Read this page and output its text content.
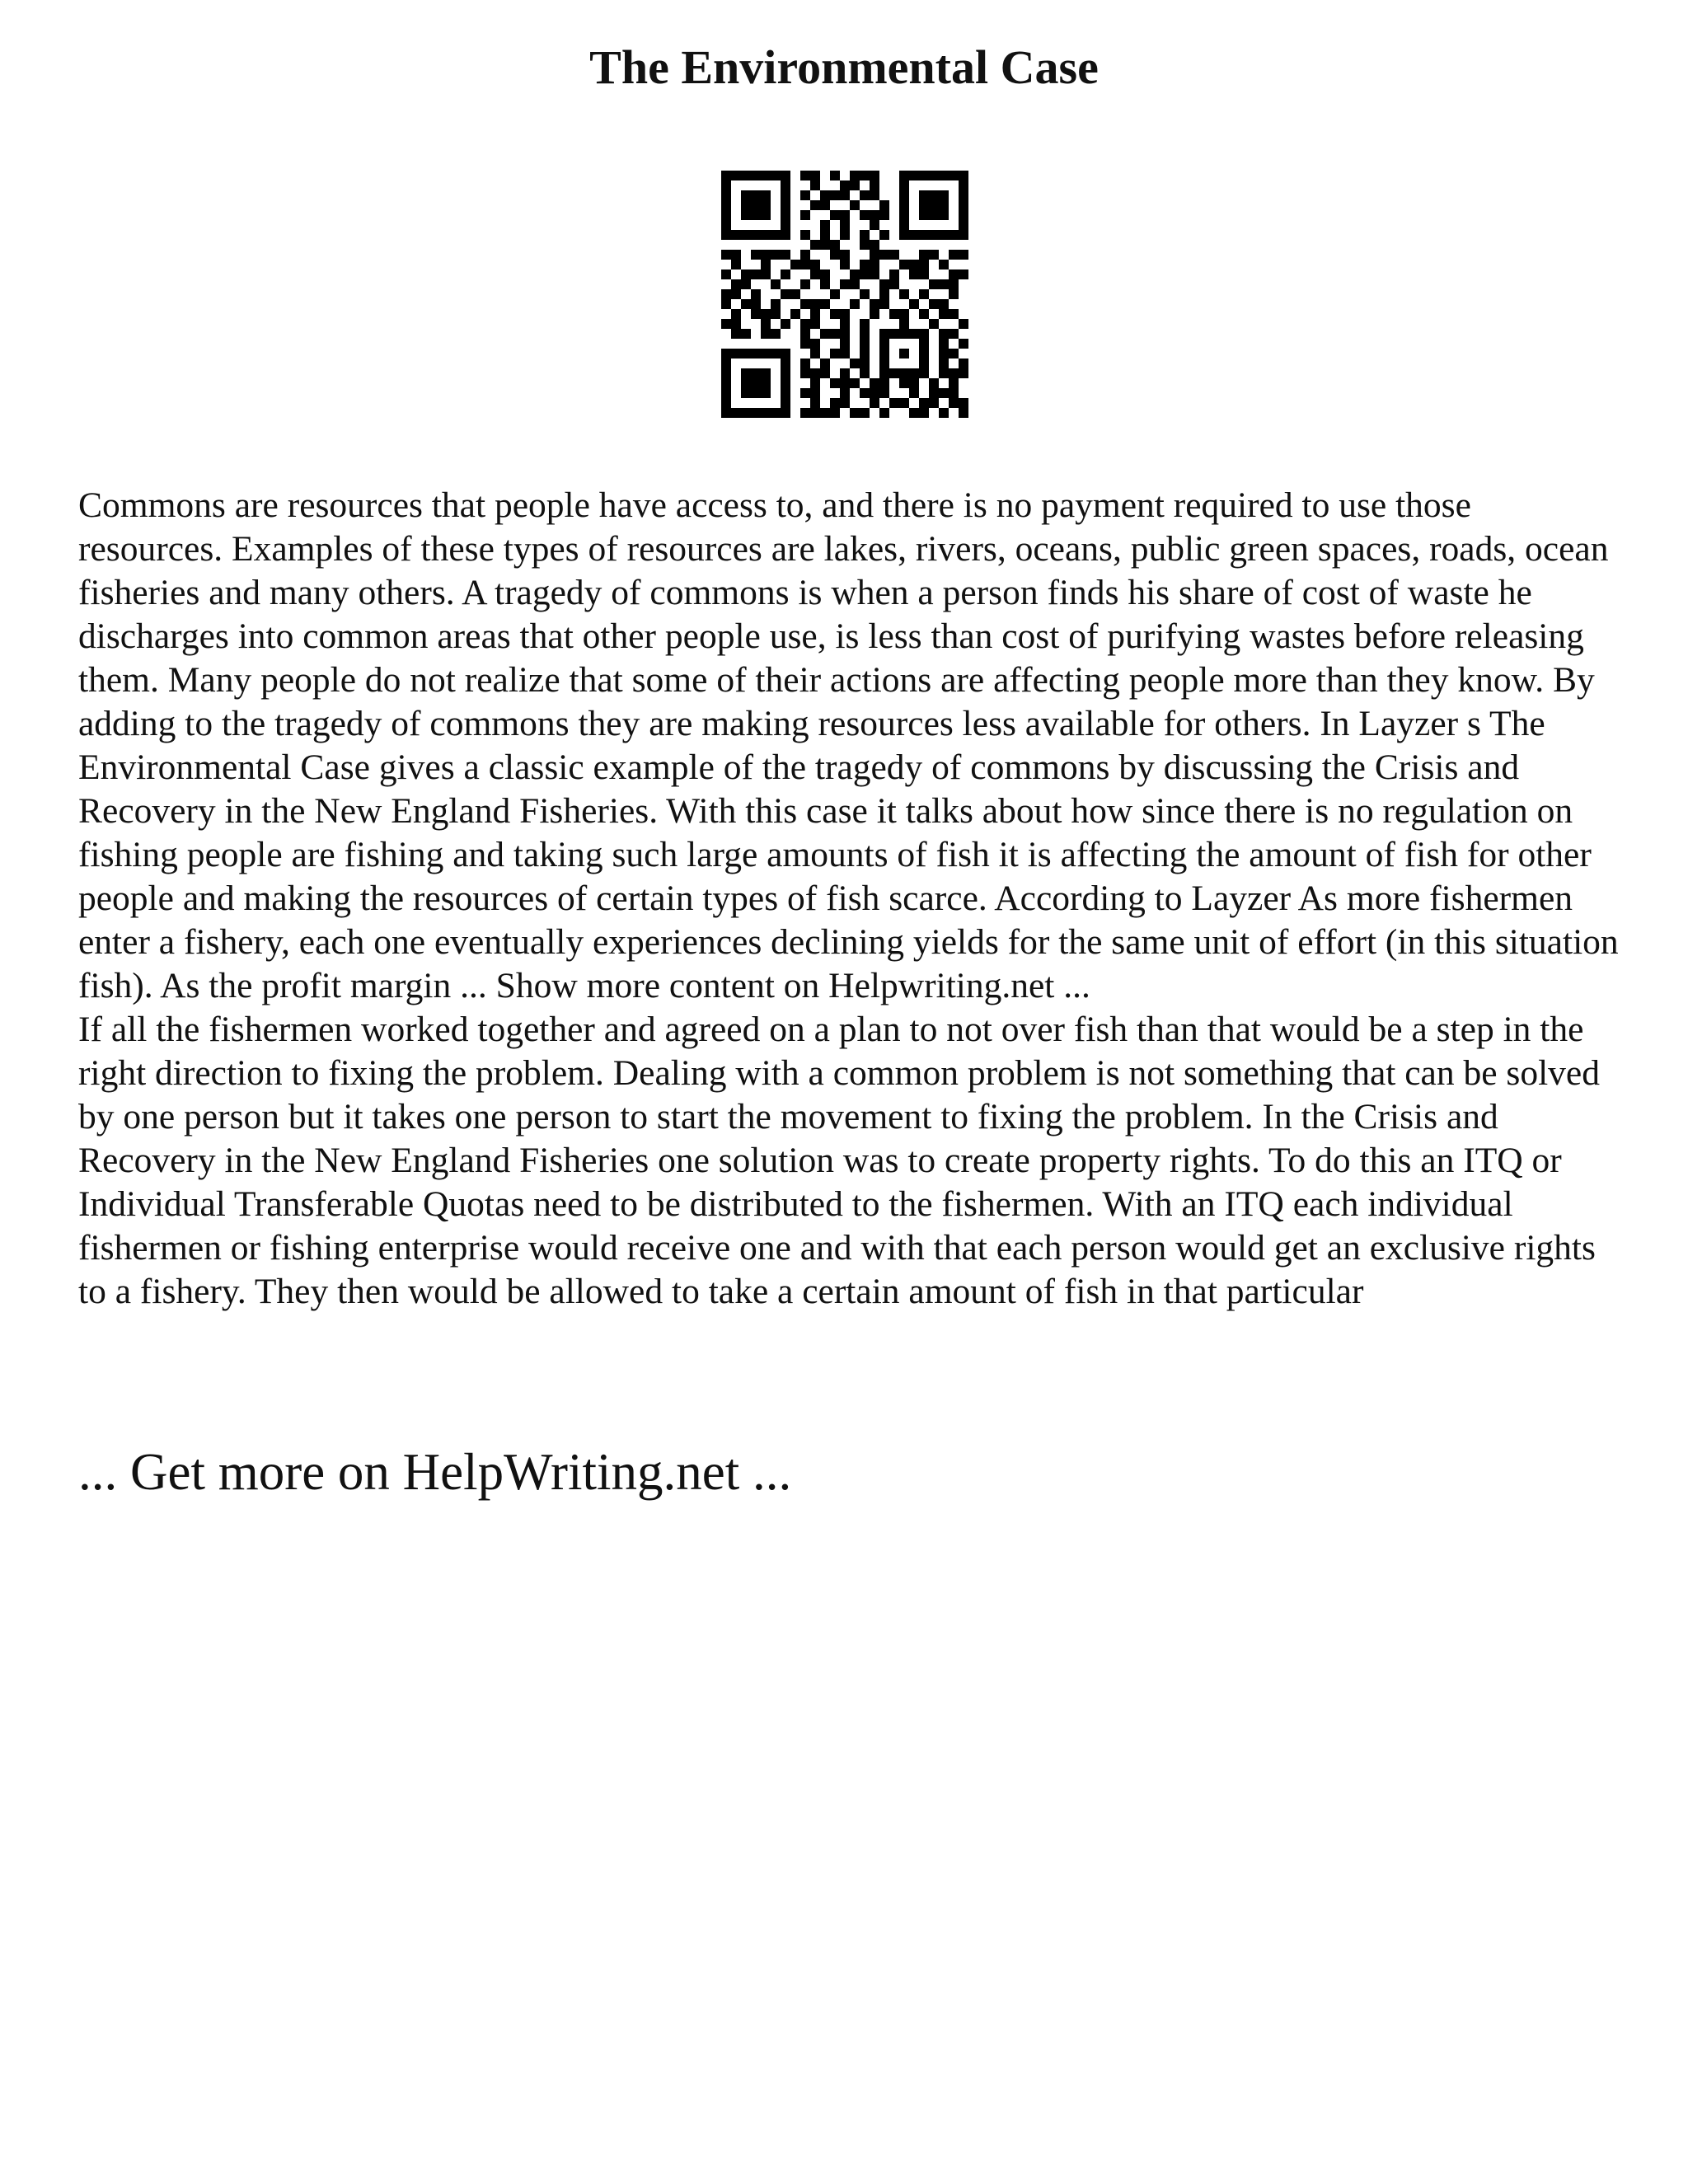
The Environmental Case

Commons are resources that people have access to, and there is no payment required to use those resources. Examples of these types of resources are lakes, rivers, oceans, public green spaces, roads, ocean fisheries and many others. A tragedy of commons is when a person finds his share of cost of waste he discharges into common areas that other people use, is less than cost of purifying wastes before releasing them. Many people do not realize that some of their actions are affecting people more than they know. By adding to the tragedy of commons they are making resources less available for others. In Layzer s The Environmental Case gives a classic example of the tragedy of commons by discussing the Crisis and Recovery in the New England Fisheries. With this case it talks about how since there is no regulation on fishing people are fishing and taking such large amounts of fish it is affecting the amount of fish for other people and making the resources of certain types of fish scarce. According to Layzer As more fishermen enter a fishery, each one eventually experiences declining yields for the same unit of effort (in this situation fish). As the profit margin ... Show more content on Helpwriting.net ...

If all the fishermen worked together and agreed on a plan to not over fish than that would be a step in the right direction to fixing the problem. Dealing with a common problem is not something that can be solved by one person but it takes one person to start the movement to fixing the problem. In the Crisis and Recovery in the New England Fisheries one solution was to create property rights. To do this an ITQ or Individual Transferable Quotas need to be distributed to the fishermen. With an ITQ each individual fishermen or fishing enterprise would receive one and with that each person would get an exclusive rights to a fishery. They then would be allowed to take a certain amount of fish in that particular

... Get more on HelpWriting.net ...
